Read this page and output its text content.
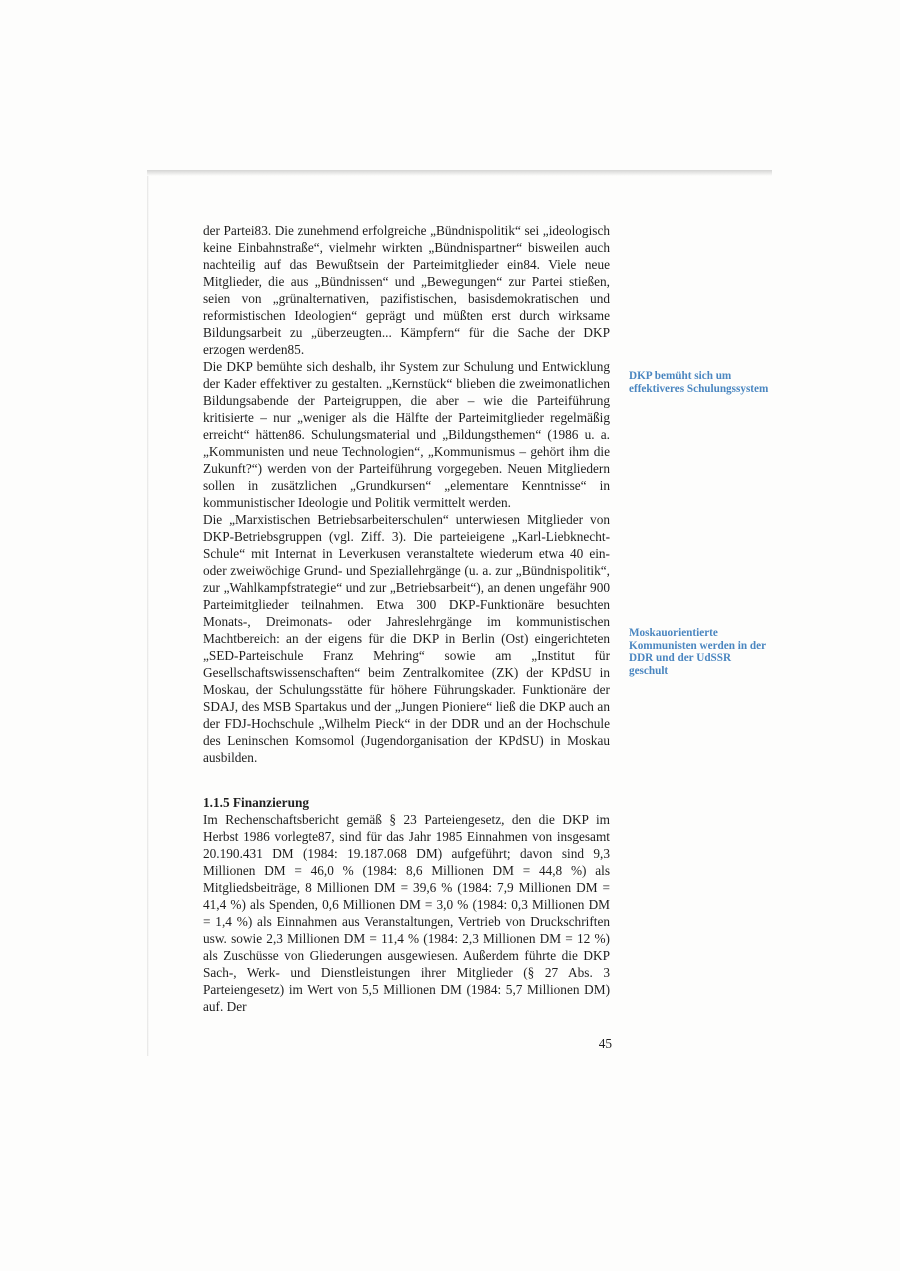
der Partei83. Die zunehmend erfolgreiche „Bündnispolitik“ sei „ideologisch keine Einbahnstraße“, vielmehr wirkten „Bündnispartner“ bisweilen auch nachteilig auf das Bewußtsein der Parteimitglieder ein84. Viele neue Mitglieder, die aus „Bündnissen“ und „Bewegungen“ zur Partei stießen, seien von „grünalternativen, pazifistischen, basisdemokratischen und reformistischen Ideologien“ geprägt und müßten erst durch wirksame Bildungsarbeit zu „überzeugten... Kämpfern“ für die Sache der DKP erzogen werden85.

Die DKP bemühte sich deshalb, ihr System zur Schulung und Entwicklung der Kader effektiver zu gestalten. „Kernstück“ blieben die zweimonatlichen Bildungsabende der Parteigruppen, die aber – wie die Parteiführung kritisierte – nur „weniger als die Hälfte der Parteimitglieder regelmäßig erreicht“ hätten86. Schulungsmaterial und „Bildungsthemen“ (1986 u. a. „Kommunisten und neue Technologien“, „Kommunismus – gehört ihm die Zukunft?“) werden von der Parteiführung vorgegeben. Neuen Mitgliedern sollen in zusätzlichen „Grundkursen“ „elementare Kenntnisse“ in kommunistischer Ideologie und Politik vermittelt werden.

Die „Marxistischen Betriebsarbeiterschulen“ unterwiesen Mitglieder von DKP-Betriebsgruppen (vgl. Ziff. 3). Die parteieigene „Karl-Liebknecht-Schule“ mit Internat in Leverkusen veranstaltete wiederum etwa 40 ein- oder zweiwöchige Grund- und Speziallehrgänge (u. a. zur „Bündnispolitik“, zur „Wahlkampfstrategie“ und zur „Betriebsarbeit“), an denen ungefähr 900 Parteimitglieder teilnahmen. Etwa 300 DKP-Funktionäre besuchten Monats-, Dreimonats- oder Jahreslehrgänge im kommunistischen Machtbereich: an der eigens für die DKP in Berlin (Ost) eingerichteten „SED-Parteischule Franz Mehring“ sowie am „Institut für Gesellschaftswissenschaften“ beim Zentralkomitee (ZK) der KPdSU in Moskau, der Schulungsstätte für höhere Führungskader. Funktionäre der SDAJ, des MSB Spartakus und der „Jungen Pioniere“ ließ die DKP auch an der FDJ-Hochschule „Wilhelm Pieck“ in der DDR und an der Hochschule des Leninschen Komsomol (Jugendorganisation der KPdSU) in Moskau ausbilden.

1.1.5 Finanzierung

Im Rechenschaftsbericht gemäß § 23 Parteiengesetz, den die DKP im Herbst 1986 vorlegte87, sind für das Jahr 1985 Einnahmen von insgesamt 20.190.431 DM (1984: 19.187.068 DM) aufgeführt; davon sind 9,3 Millionen DM = 46,0 % (1984: 8,6 Millionen DM = 44,8 %) als Mitgliedsbeiträge, 8 Millionen DM = 39,6 % (1984: 7,9 Millionen DM = 41,4 %) als Spenden, 0,6 Millionen DM = 3,0 % (1984: 0,3 Millionen DM = 1,4 %) als Einnahmen aus Veranstaltungen, Vertrieb von Druckschriften usw. sowie 2,3 Millionen DM = 11,4 % (1984: 2,3 Millionen DM = 12 %) als Zuschüsse von Gliederungen ausgewiesen. Außerdem führte die DKP Sach-, Werk- und Dienstleistungen ihrer Mitglieder (§ 27 Abs. 3 Parteiengesetz) im Wert von 5,5 Millionen DM (1984: 5,7 Millionen DM) auf. Der

DKP bemüht sich um effektiveres Schulungssystem
Moskauorientierte Kommunisten werden in der DDR und der UdSSR geschult
45
